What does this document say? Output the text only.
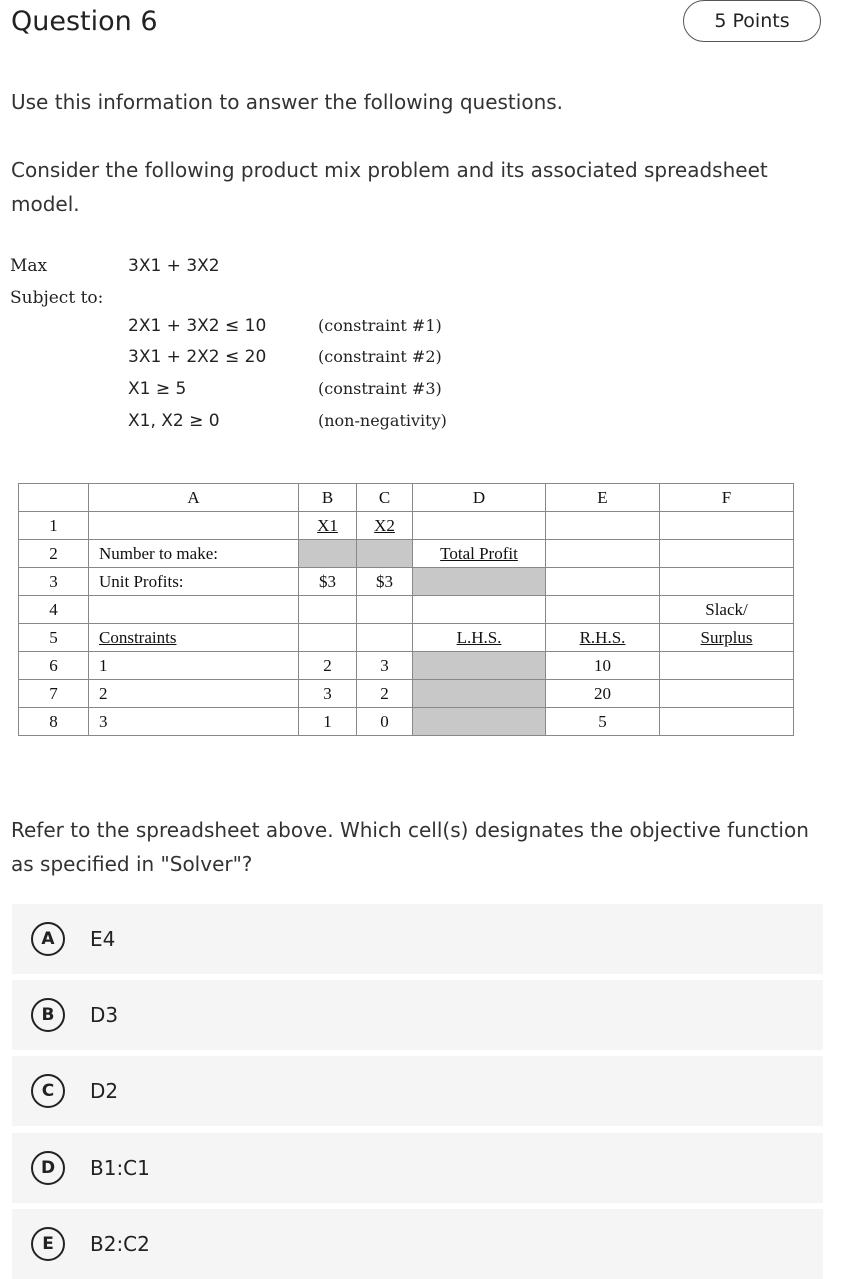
Question 6	5 Points

Use this information to answer the following questions.

Consider the following product mix problem and its associated spreadsheet model.

Max	3X1 + 3X2
Subject to:
2X1 + 3X2 ≤ 10	(constraint #1)
3X1 + 2X2 ≤ 20	(constraint #2)
X1 ≥ 5	(constraint #3)
X1, X2 ≥ 0	(non-negativity)
	A	B	C	D	E	F
1		X1	X2			
2	Number to make:			Total Profit		
3	Unit Profits:	$3	$3			
4						Slack/
5	Constraints			L.H.S.	R.H.S.	Surplus
6	1	2	3		10	
7	2	3	2		20	
8	3	1	0		5	

Refer to the spreadsheet above. Which cell(s) designates the objective function as specified in "Solver"?

A	E4
B	D3
C	D2
D	B1:C1
E	B2:C2
